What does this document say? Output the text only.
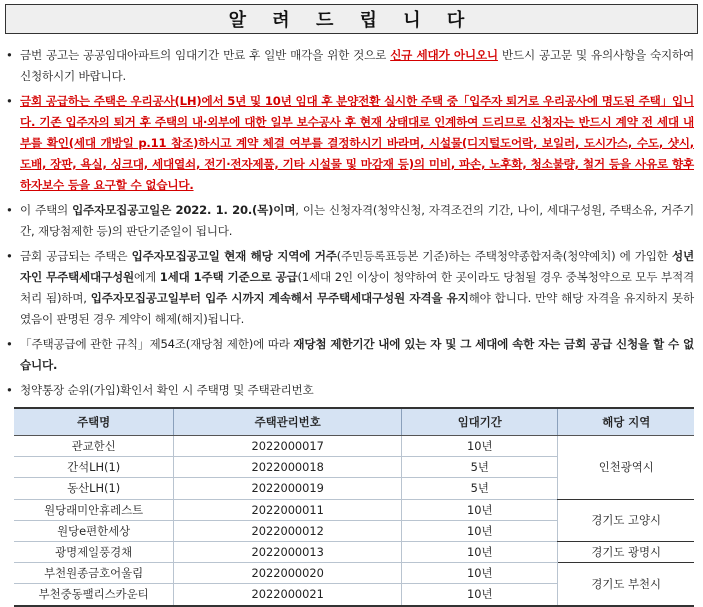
알 려 드 립 니 다
• 금번 공고는 공공임대아파트의 임대기간 만료 후 일반 매각을 위한 것으로 신규 세대가 아니오니 반드시 공고문 및 유의사항을 숙지하여 신청하시기 바랍니다.
• 금회 공급하는 주택은 우리공사(LH)에서 5년 및 10년 임대 후 분양전환 실시한 주택 중「입주자 퇴거로 우리공사에 명도된 주택」입니다. 기존 입주자의 퇴거 후 주택의 내·외부에 대한 일부 보수공사 후 현재 상태대로 인계하여 드리므로 신청자는 반드시 계약 전 세대 내부를 확인(세대 개방일 p.11 참조)하시고 계약 체결 여부를 결정하시기 바라며, 시설물(디지털도어락, 보일러, 도시가스, 수도, 샷시, 도배, 장판, 욕실, 싱크대, 세대열쇠, 전기·전자제품, 기타 시설물 및 마감재 등)의 미비, 파손, 노후화, 청소불량, 철거 등을 사유로 향후 하자보수 등을 요구할 수 없습니다.
• 이 주택의 입주자모집공고일은 2022. 1. 20.(목)이며, 이는 신청자격(청약신청, 자격조건의 기간, 나이, 세대구성원, 주택소유, 거주기간, 재당첨제한 등)의 판단기준일이 됩니다.
• 금회 공급되는 주택은 입주자모집공고일 현재 해당 지역에 거주(주민등록표등본 기준)하는 주택청약종합저축(청약예치) 에 가입한 성년자인 무주택세대구성원에게 1세대 1주택 기준으로 공급(1세대 2인 이상이 청약하여 한 곳이라도 당첨될 경우 중복청약으로 모두 부적격 처리 됨)하며, 입주자모집공고일부터 입주 시까지 계속해서 무주택세대구성원 자격을 유지해야 합니다. 만약 해당 자격을 유지하지 못하였음이 판명된 경우 계약이 해제(해지)됩니다.
• 「주택공급에 관한 규칙」제54조(재당첨 제한)에 따라 재당첨 제한기간 내에 있는 자 및 그 세대에 속한 자는 금회 공급 신청을 할 수 없습니다.
• 청약통장 순위(가입)확인서 확인 시 주택명 및 주택관리번호
주택명	주택관리번호	임대기간	해당 지역
관교한신	2022000017	10년	인천광역시
간석LH(1)	2022000018	5년	
동산LH(1)	2022000019	5년	
원당래미안휴레스트	2022000011	10년	경기도 고양시
원당e편한세상	2022000012	10년	
광명제일풍경채	2022000013	10년	경기도 광명시
부천원종금호어울림	2022000020	10년	경기도 부천시
부천중동팰리스카운티	2022000021	10년	
